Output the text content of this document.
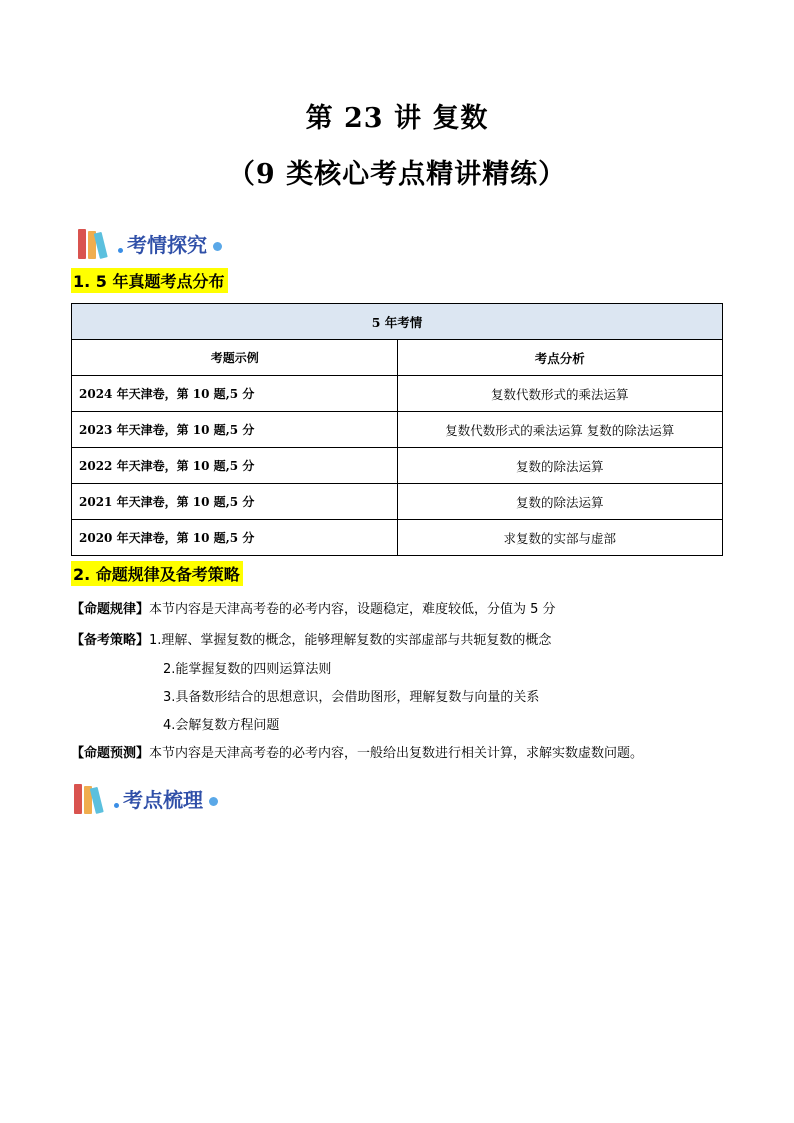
第 23 讲 复数
（9 类核心考点精讲精练）
考情探究
1. 5 年真题考点分布
5 年考情	
考题示例	考点分析
2024 年天津卷，第 10 题,5 分	复数代数形式的乘法运算
2023 年天津卷，第 10 题,5 分	复数代数形式的乘法运算 复数的除法运算
2022 年天津卷，第 10 题,5 分	复数的除法运算
2021 年天津卷，第 10 题,5 分	复数的除法运算
2020 年天津卷，第 10 题,5 分	求复数的实部与虚部
2. 命题规律及备考策略
【命题规律】本节内容是天津高考卷的必考内容，设题稳定，难度较低，分值为 5 分
【备考策略】1.理解、掌握复数的概念，能够理解复数的实部虚部与共轭复数的概念
2.能掌握复数的四则运算法则
3.具备数形结合的思想意识，会借助图形，理解复数与向量的关系
4.会解复数方程问题
【命题预测】本节内容是天津高考卷的必考内容，一般给出复数进行相关计算，求解实数虚数问题。
考点梳理
